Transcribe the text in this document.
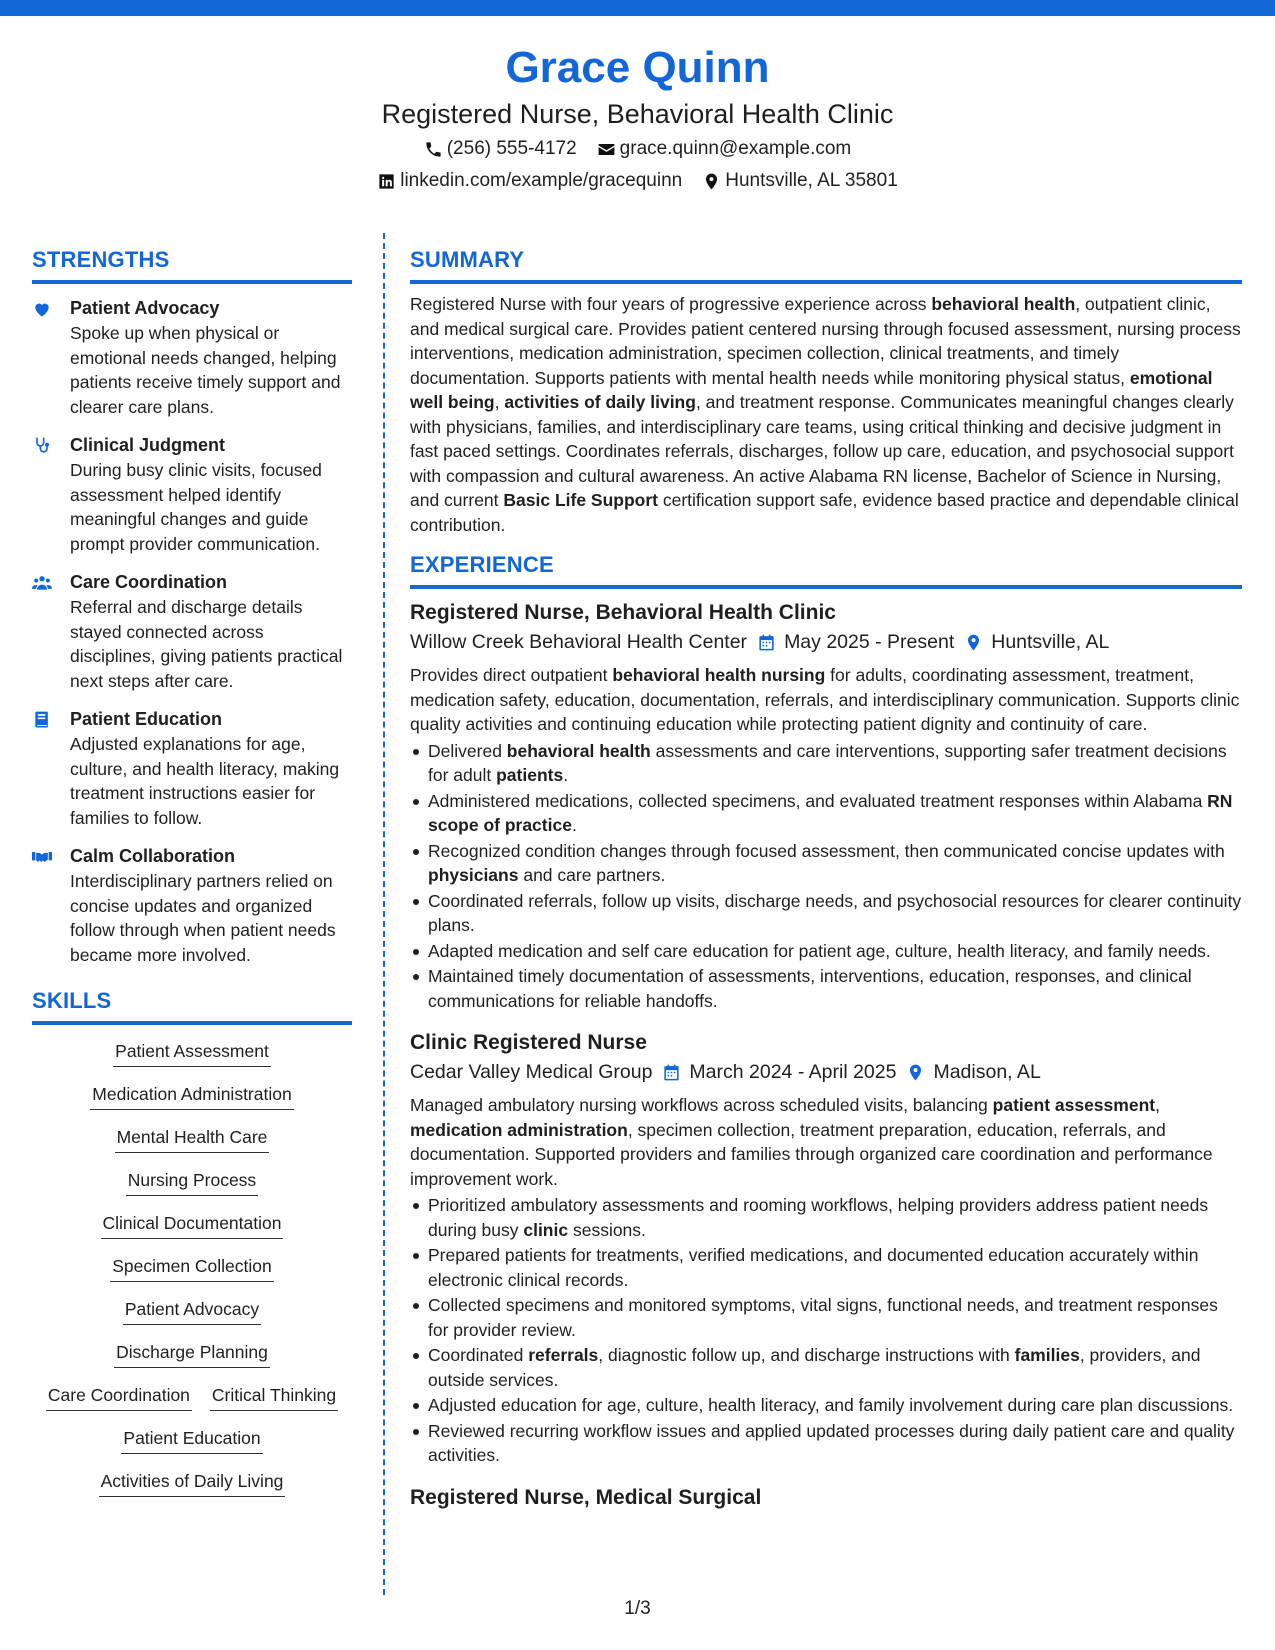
Grace Quinn
Registered Nurse, Behavioral Health Clinic
(256) 555-4172 grace.quinn@example.com
linkedin.com/example/gracequinn Huntsville, AL 35801
STRENGTHS
Patient Advocacy
Spoke up when physical or emotional needs changed, helping patients receive timely support and clearer care plans.
Clinical Judgment
During busy clinic visits, focused assessment helped identify meaningful changes and guide prompt provider communication.
Care Coordination
Referral and discharge details stayed connected across disciplines, giving patients practical next steps after care.
Patient Education
Adjusted explanations for age, culture, and health literacy, making treatment instructions easier for families to follow.
Calm Collaboration
Interdisciplinary partners relied on concise updates and organized follow through when patient needs became more involved.
SKILLS
Patient Assessment
Medication Administration
Mental Health Care
Nursing Process
Clinical Documentation
Specimen Collection
Patient Advocacy
Discharge Planning
Care Coordination Critical Thinking
Patient Education
Activities of Daily Living
SUMMARY
Registered Nurse with four years of progressive experience across behavioral health, outpatient clinic, and medical surgical care. Provides patient centered nursing through focused assessment, nursing process interventions, medication administration, specimen collection, clinical treatments, and timely documentation. Supports patients with mental health needs while monitoring physical status, emotional well being, activities of daily living, and treatment response. Communicates meaningful changes clearly with physicians, families, and interdisciplinary care teams, using critical thinking and decisive judgment in fast paced settings. Coordinates referrals, discharges, follow up care, education, and psychosocial support with compassion and cultural awareness. An active Alabama RN license, Bachelor of Science in Nursing, and current Basic Life Support certification support safe, evidence based practice and dependable clinical contribution.
EXPERIENCE
Registered Nurse, Behavioral Health Clinic
Willow Creek Behavioral Health Center May 2025 - Present Huntsville, AL
Provides direct outpatient behavioral health nursing for adults, coordinating assessment, treatment, medication safety, education, documentation, referrals, and interdisciplinary communication. Supports clinic quality activities and continuing education while protecting patient dignity and continuity of care.
Delivered behavioral health assessments and care interventions, supporting safer treatment decisions for adult patients.
Administered medications, collected specimens, and evaluated treatment responses within Alabama RN scope of practice.
Recognized condition changes through focused assessment, then communicated concise updates with physicians and care partners.
Coordinated referrals, follow up visits, discharge needs, and psychosocial resources for clearer continuity plans.
Adapted medication and self care education for patient age, culture, health literacy, and family needs.
Maintained timely documentation of assessments, interventions, education, responses, and clinical communications for reliable handoffs.
Clinic Registered Nurse
Cedar Valley Medical Group March 2024 - April 2025 Madison, AL
Managed ambulatory nursing workflows across scheduled visits, balancing patient assessment, medication administration, specimen collection, treatment preparation, education, referrals, and documentation. Supported providers and families through organized care coordination and performance improvement work.
Prioritized ambulatory assessments and rooming workflows, helping providers address patient needs during busy clinic sessions.
Prepared patients for treatments, verified medications, and documented education accurately within electronic clinical records.
Collected specimens and monitored symptoms, vital signs, functional needs, and treatment responses for provider review.
Coordinated referrals, diagnostic follow up, and discharge instructions with families, providers, and outside services.
Adjusted education for age, culture, health literacy, and family involvement during care plan discussions.
Reviewed recurring workflow issues and applied updated processes during daily patient care and quality activities.
Registered Nurse, Medical Surgical
1/3
